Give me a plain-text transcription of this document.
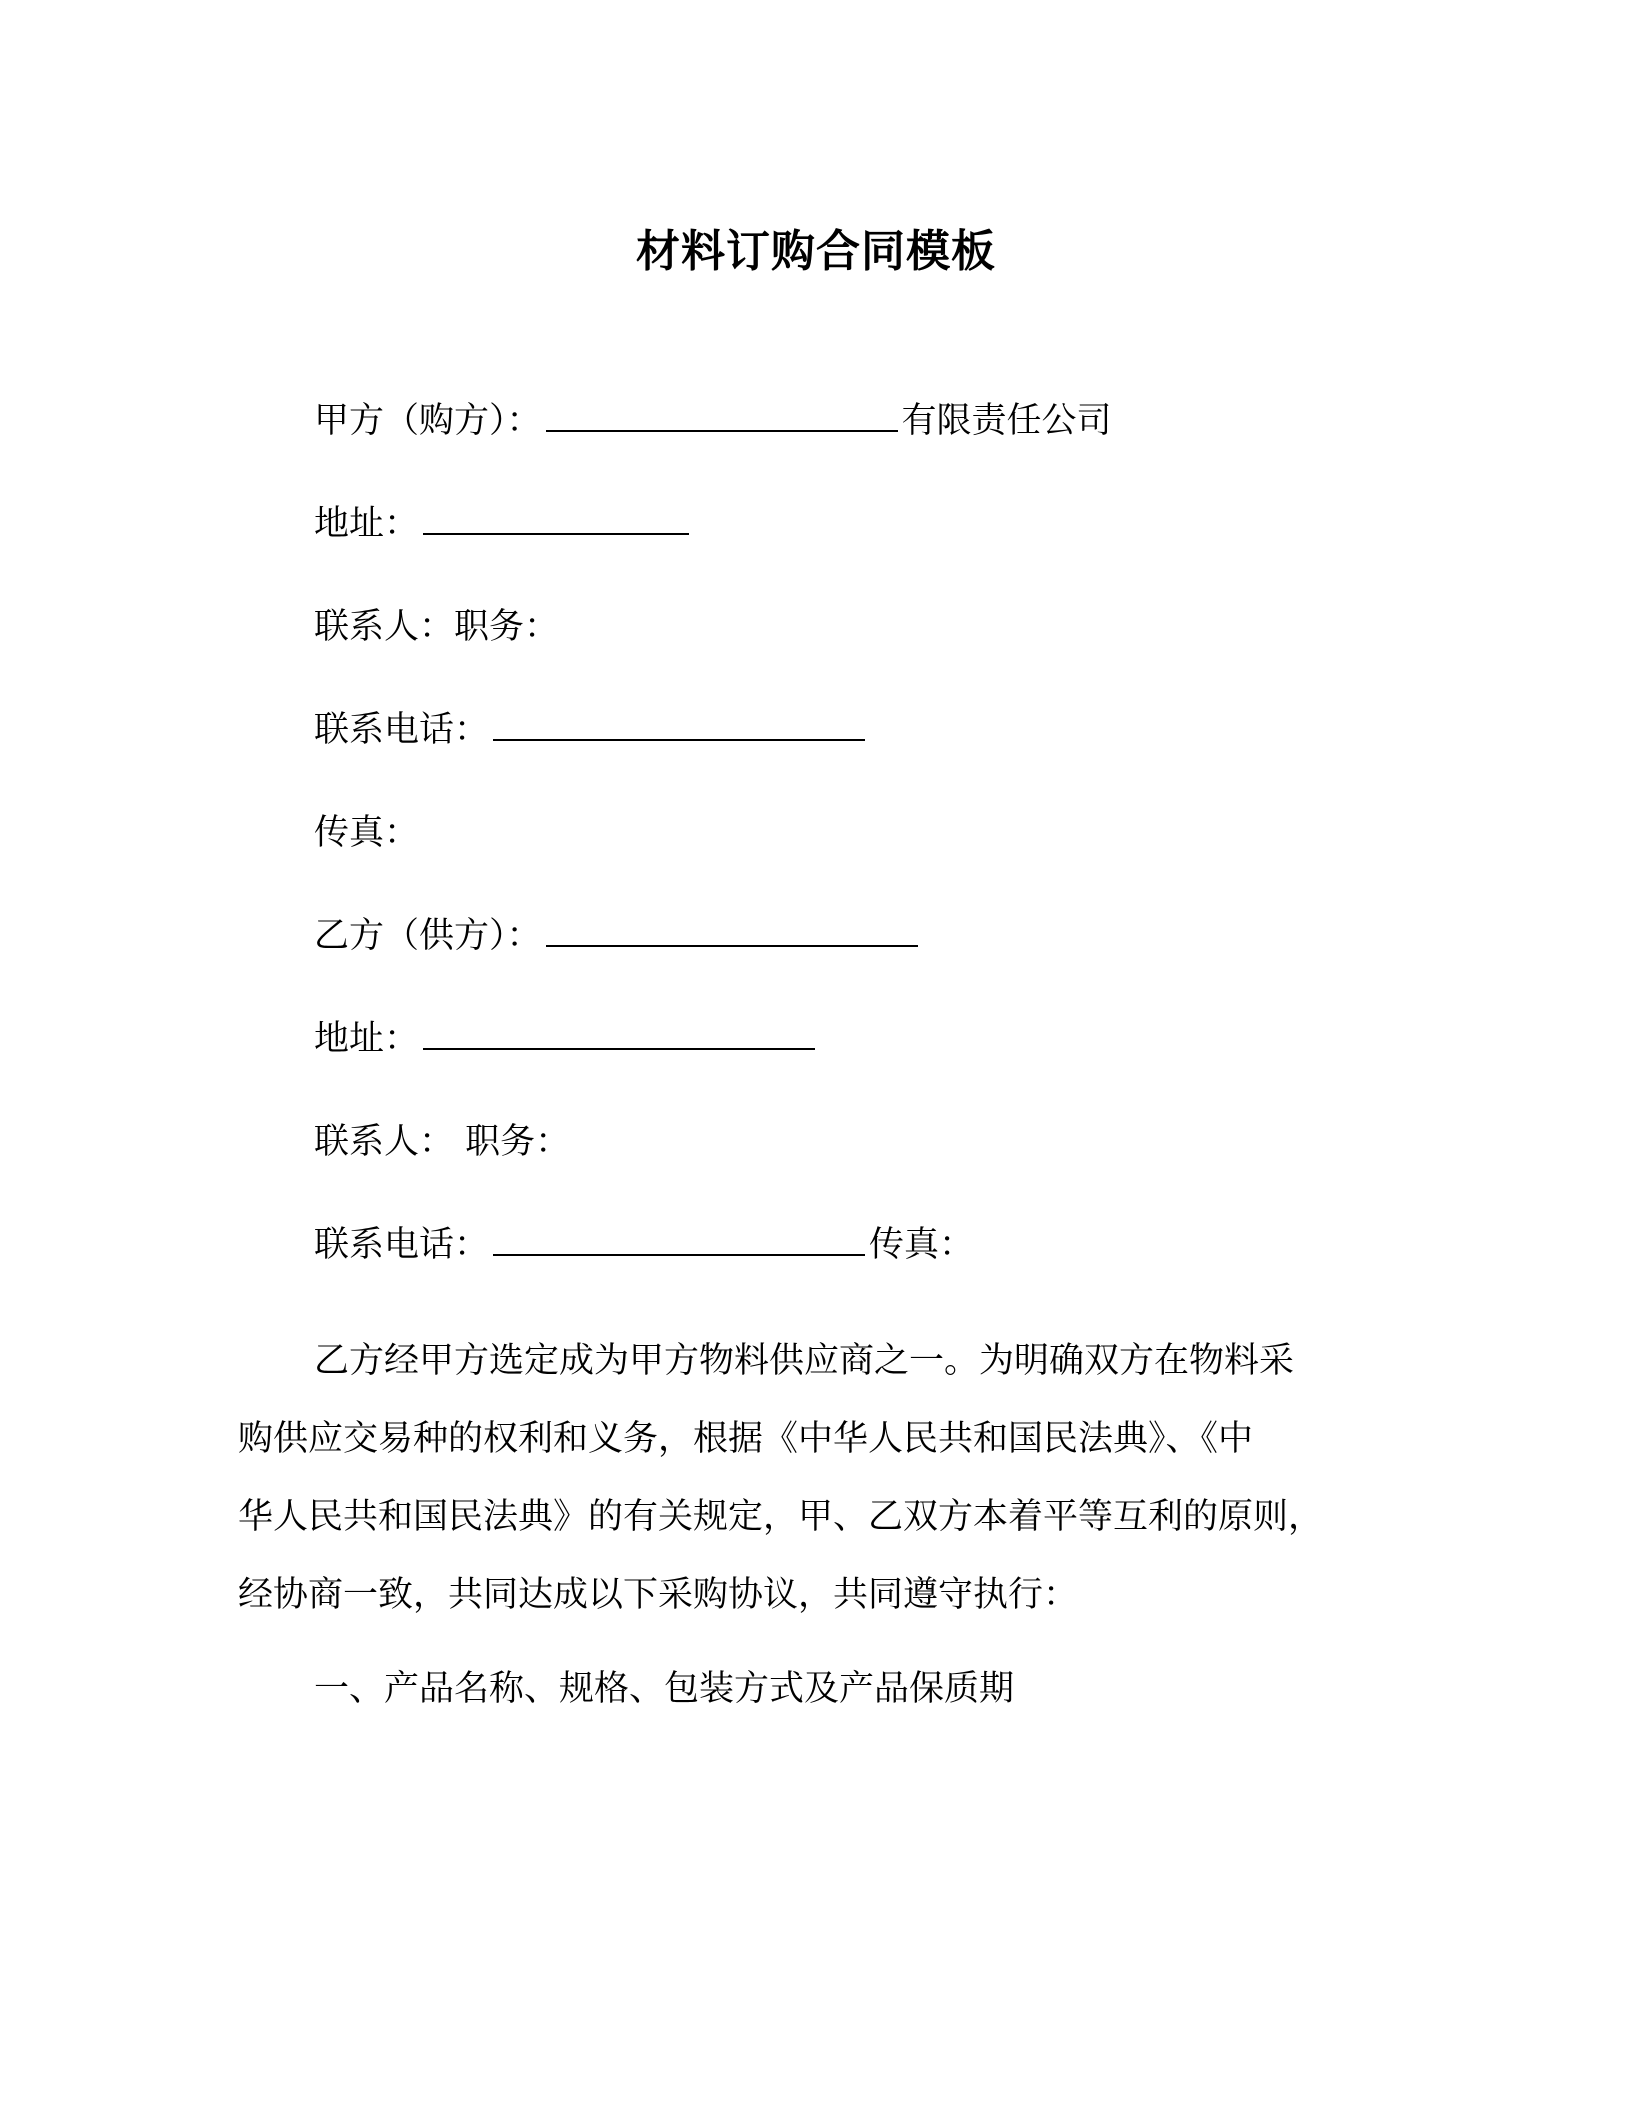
材料订购合同模板
甲方（购方）：	有限责任公司
地址：
联系人：职务：
联系电话：
传真：
乙方（供方）：
地址：
联系人： 职务：
联系电话：	传真：
乙方经甲方选定成为甲方物料供应商之一。为明确双方在物料采
购供应交易种的权利和义务，根据《中华人民共和国民法典》、《中
华人民共和国民法典》的有关规定，甲、乙双方本着平等互利的原则，
经协商一致，共同达成以下采购协议，共同遵守执行：
一、产品名称、规格、包装方式及产品保质期
